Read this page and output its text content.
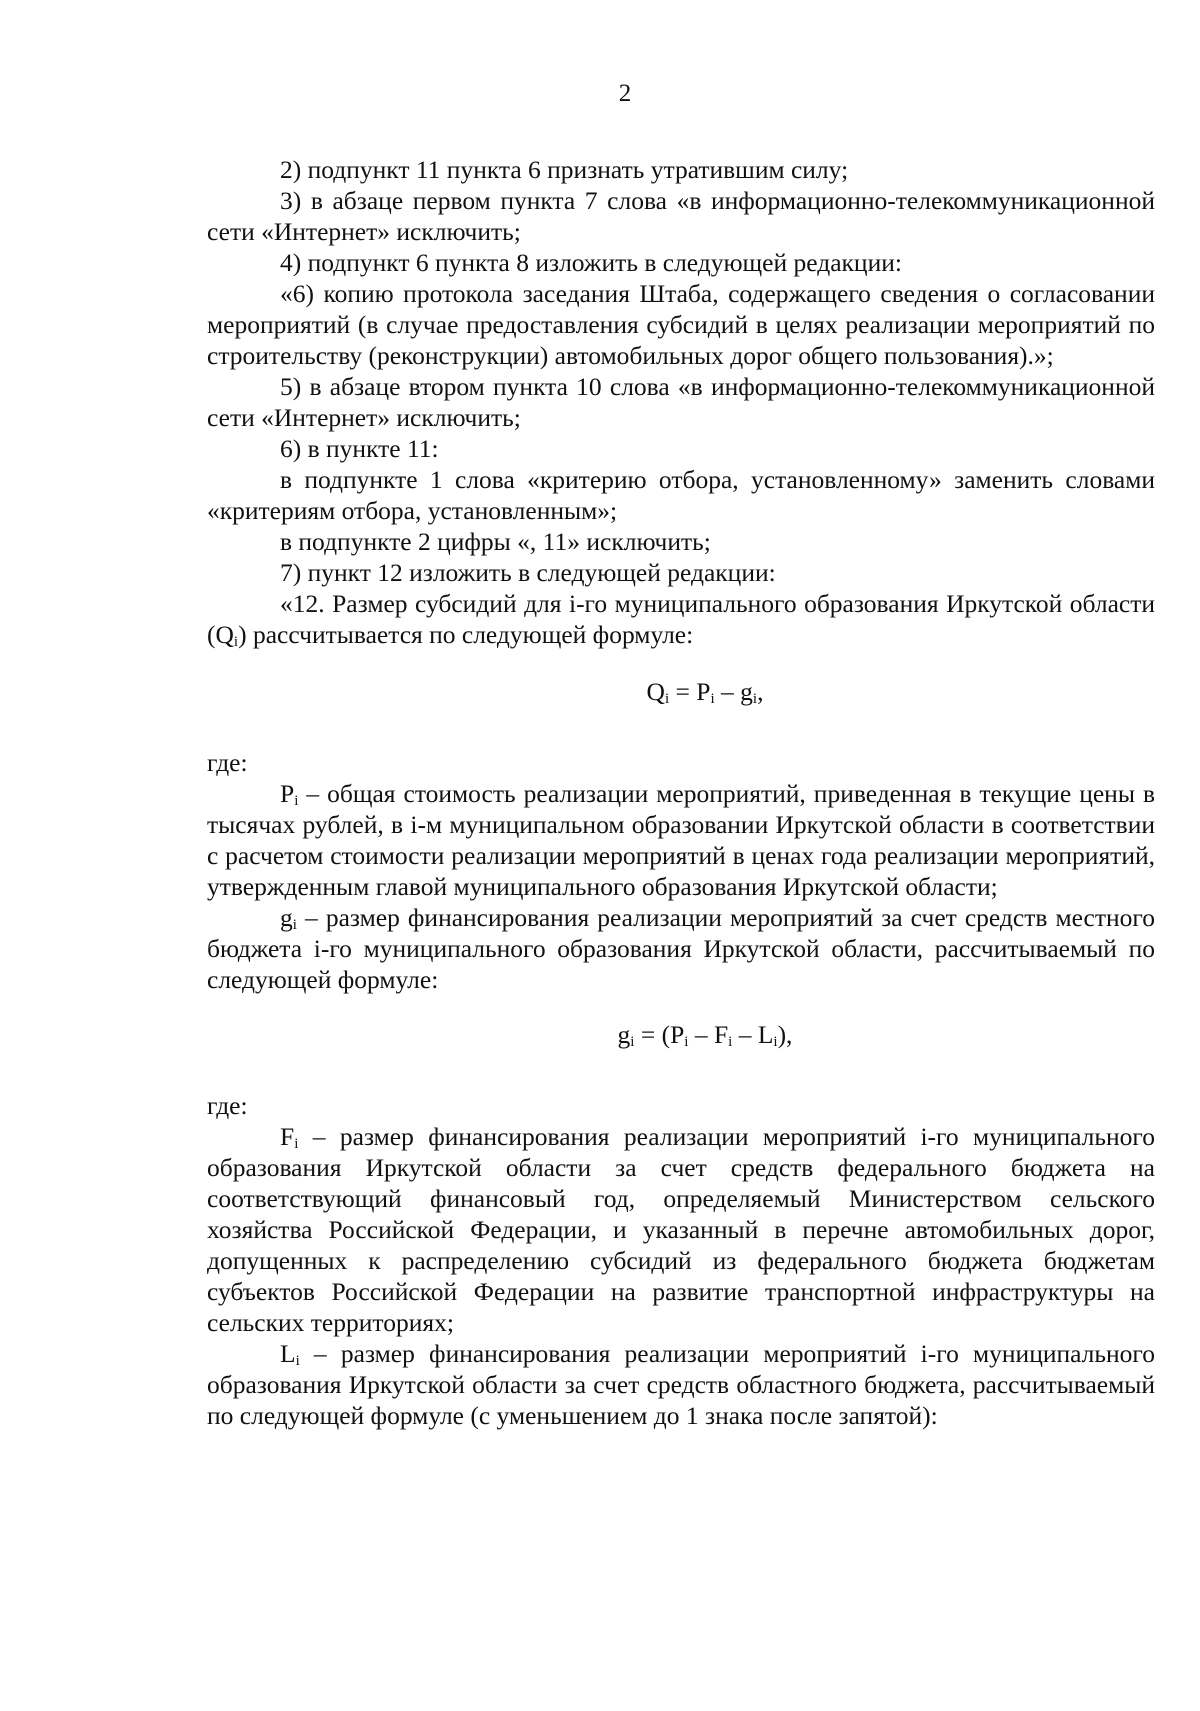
2

2) подпункт 11 пункта 6 признать утратившим силу;

3) в абзаце первом пункта 7 слова «в информационно-телекоммуникационной сети «Интернет» исключить;

4) подпункт 6 пункта 8 изложить в следующей редакции:

«6) копию протокола заседания Штаба, содержащего сведения о согласовании мероприятий (в случае предоставления субсидий в целях реализации мероприятий по строительству (реконструкции) автомобильных дорог общего пользования).»;

5) в абзаце втором пункта 10 слова «в информационно-телекоммуникационной сети «Интернет» исключить;

6) в пункте 11:

в подпункте 1 слова «критерию отбора, установленному» заменить словами «критериям отбора, установленным»;

в подпункте 2 цифры «, 11» исключить;

7) пункт 12 изложить в следующей редакции:

«12. Размер субсидий для i-го муниципального образования Иркутской области $(Q_i)$ рассчитывается по следующей формуле:

$Q_i = P_i - g_i$,

где:

$P_i$ – общая стоимость реализации мероприятий, приведенная в текущие цены в тысячах рублей, в i-м муниципальном образовании Иркутской области в соответствии с расчетом стоимости реализации мероприятий в ценах года реализации мероприятий, утвержденным главой муниципального образования Иркутской области;

$g_i$ – размер финансирования реализации мероприятий за счет средств местного бюджета i-го муниципального образования Иркутской области, рассчитываемый по следующей формуле:

$g_i = (P_i - F_i - L_i)$,

где:

$F_i$ – размер финансирования реализации мероприятий i-го муниципального образования Иркутской области за счет средств федерального бюджета на соответствующий финансовый год, определяемый Министерством сельского хозяйства Российской Федерации, и указанный в перечне автомобильных дорог, допущенных к распределению субсидий из федерального бюджета бюджетам субъектов Российской Федерации на развитие транспортной инфраструктуры на сельских территориях;

$L_i$ – размер финансирования реализации мероприятий i-го муниципального образования Иркутской области за счет средств областного бюджета, рассчитываемый по следующей формуле (с уменьшением до 1 знака после запятой):
